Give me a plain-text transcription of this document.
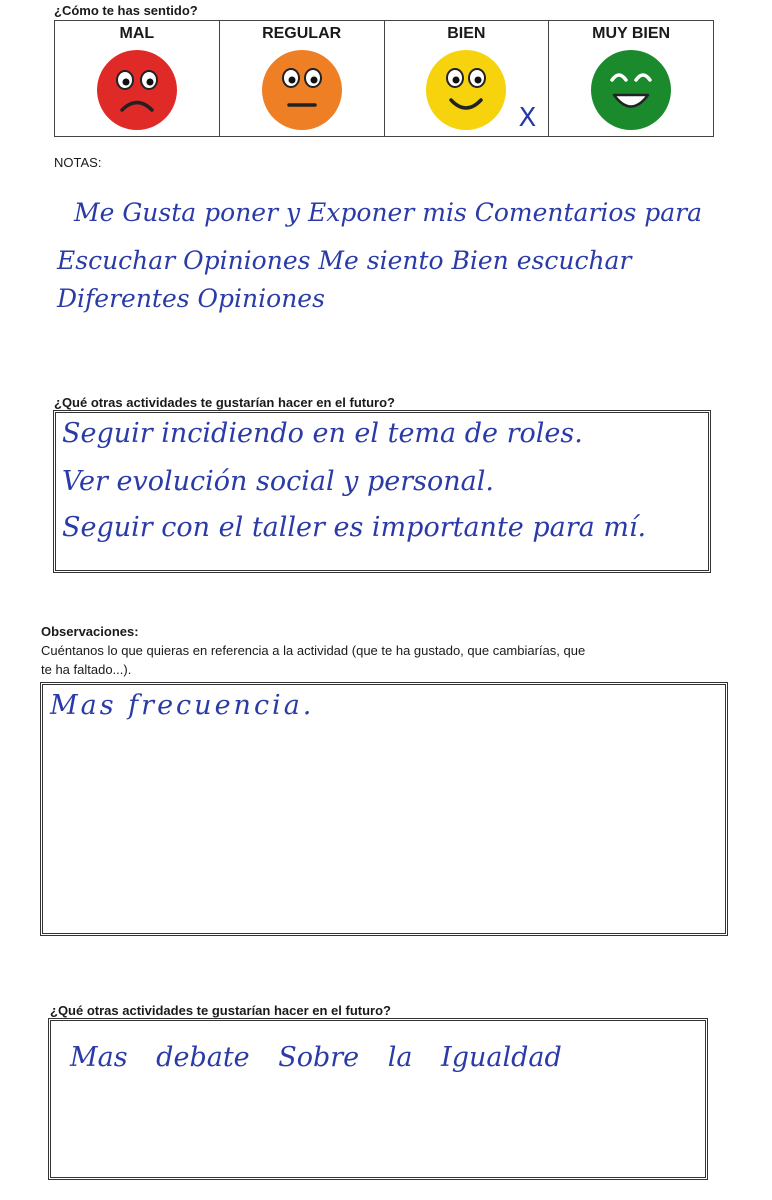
¿Cómo te has sentido?
MAL	REGULAR	BIEN
X
MUY BIEN
NOTAS:
Me Gusta poner y Exponer mis Comentarios para
Escuchar Opiniones Me siento Bien escuchar
Diferentes Opiniones
¿Qué otras actividades te gustarían hacer en el futuro?
Seguir incidiendo en el tema de roles.
Ver evolución social y personal.
Seguir con el taller es importante para mí.
Observaciones:
Cuéntanos lo que quieras en referencia a la actividad (que te ha gustado, que cambiarías, que
te ha faltado...).
Mas frecuencia.
¿Qué otras actividades te gustarían hacer en el futuro?
Mas debate Sobre la Igualdad
